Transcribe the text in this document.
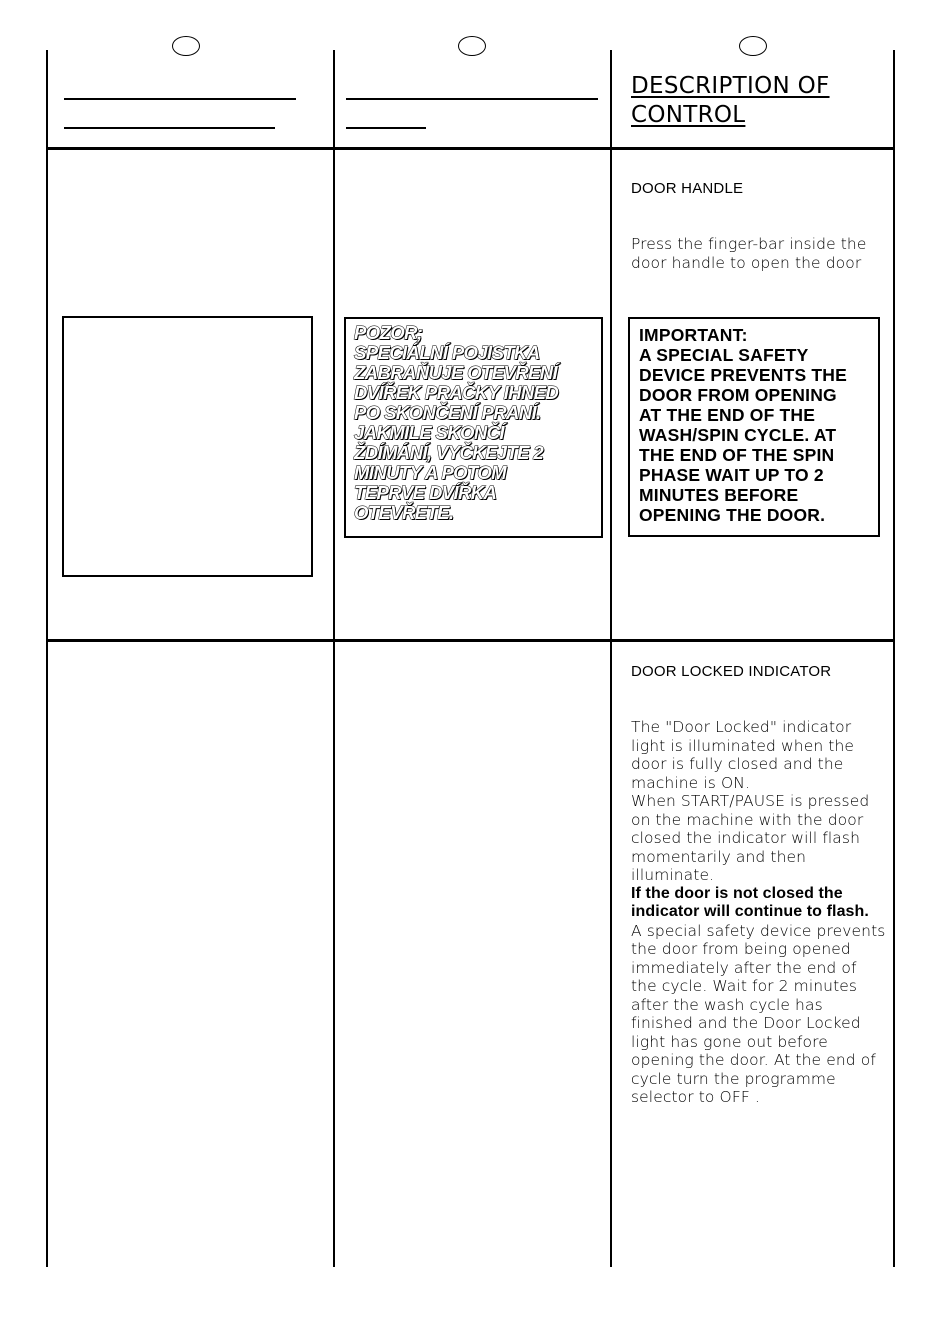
DESCRIPTION OF
CONTROL
DOOR HANDLE
Press the finger-bar inside the door handle to open the door
POZOR;
SPECIÁLNÍ POJISTKA
ZABRAŇUJE OTEVŘENÍ
DVÍŘEK PRAČKY IHNED
PO SKONČENÍ PRANÍ.
JAKMILE SKONČÍ
ŽDÍMÁNÍ, VYČKEJTE 2
MINUTY A POTOM
TEPRVE DVÍŘKA
OTEVŘETE.
IMPORTANT:
A SPECIAL SAFETY
DEVICE PREVENTS THE
DOOR FROM OPENING
AT THE END OF THE
WASH/SPIN CYCLE. AT
THE END OF THE SPIN
PHASE WAIT UP TO 2
MINUTES BEFORE
OPENING THE DOOR.
DOOR LOCKED INDICATOR

The "Door Locked" indicator light is illuminated when the door is fully closed and the machine is ON.

When START/PAUSE is pressed on the machine with the door closed the indicator will flash momentarily and then illuminate.

If the door is not closed the indicator will continue to flash.

A special safety device prevents the door from being opened immediately after the end of the cycle. Wait for 2 minutes after the wash cycle has finished and the Door Locked light has gone out before opening the door. At the end of cycle turn the programme selector to OFF .
